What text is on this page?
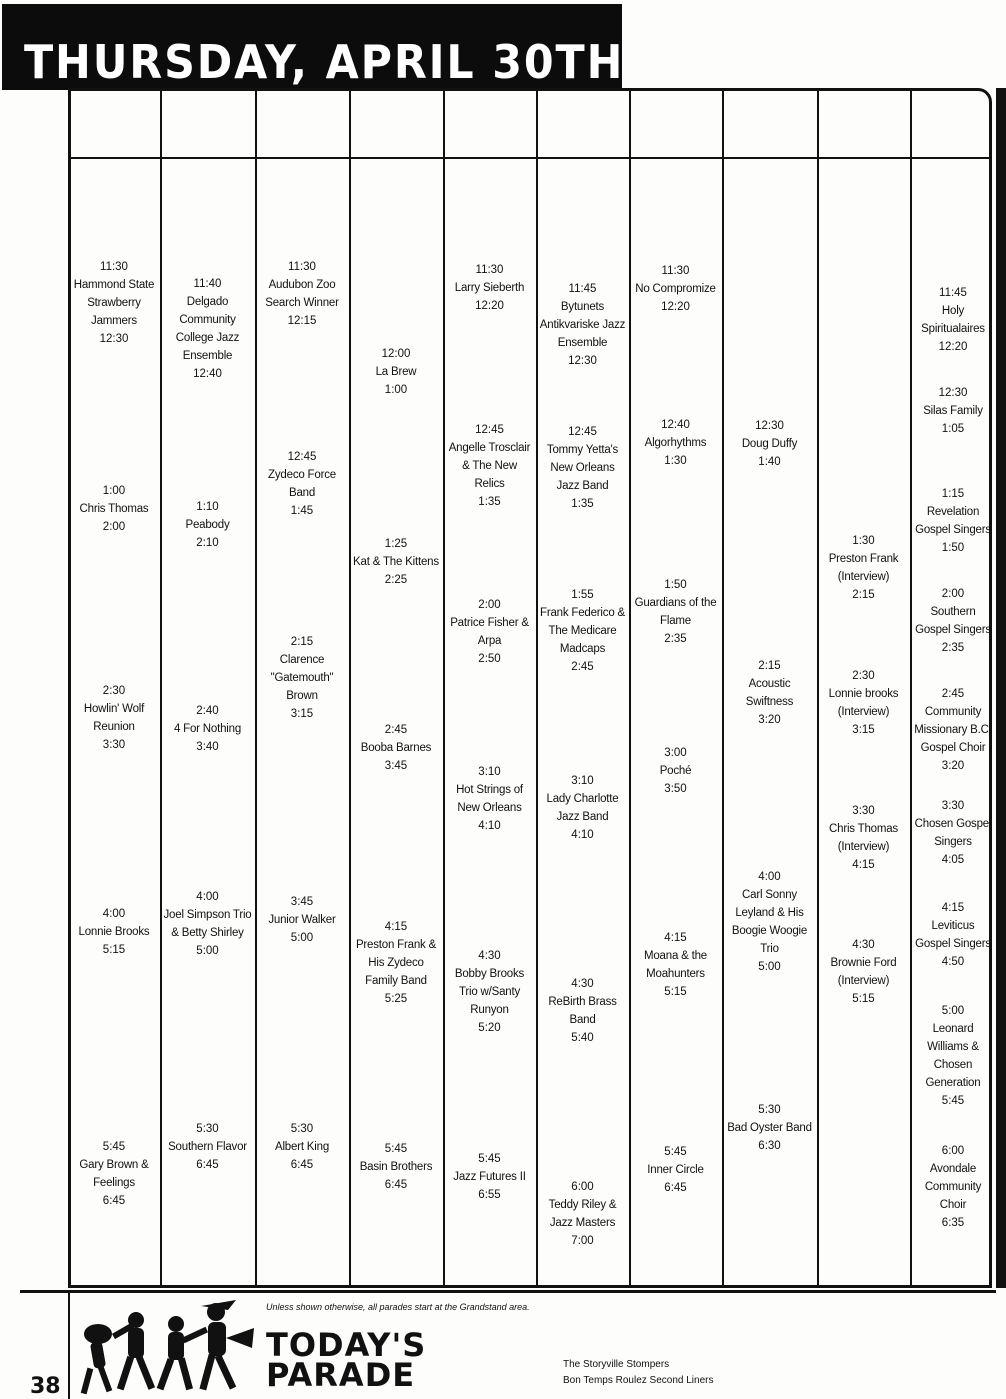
THURSDAY, APRIL 30TH
11:30
Hammond State Strawberry Jammers
12:30
1:00
Chris Thomas
2:00
2:30
Howlin' Wolf Reunion
3:30
4:00
Lonnie Brooks
5:15
5:45
Gary Brown & Feelings
6:45
11:40
Delgado Community College Jazz Ensemble
12:40
1:10
Peabody
2:10
2:40
4 For Nothing
3:40
4:00
Joel Simpson Trio & Betty Shirley
5:00
5:30
Southern Flavor
6:45
11:30
Audubon Zoo Search Winner
12:15
12:45
Zydeco Force Band
1:45
2:15
Clarence "Gatemouth" Brown
3:15
3:45
Junior Walker
5:00
5:30
Albert King
6:45
12:00
La Brew
1:00
1:25
Kat & The Kittens
2:25
2:45
Booba Barnes
3:45
4:15
Preston Frank & His Zydeco Family Band
5:25
5:45
Basin Brothers
6:45
11:30
Larry Sieberth
12:20
12:45
Angelle Trosclair & The New Relics
1:35
2:00
Patrice Fisher & Arpa
2:50
3:10
Hot Strings of New Orleans
4:10
4:30
Bobby Brooks Trio w/Santy Runyon
5:20
5:45
Jazz Futures II
6:55
11:45
Bytunets Antikvariske Jazz Ensemble
12:30
12:45
Tommy Yetta's New Orleans Jazz Band
1:35
1:55
Frank Federico & The Medicare Madcaps
2:45
3:10
Lady Charlotte Jazz Band
4:10
4:30
ReBirth Brass Band
5:40
6:00
Teddy Riley & Jazz Masters
7:00
11:30
No Compromize
12:20
12:40
Algorhythms
1:30
1:50
Guardians of the Flame
2:35
3:00
Poché
3:50
4:15
Moana & the Moahunters
5:15
5:45
Inner Circle
6:45
12:30
Doug Duffy
1:40
2:15
Acoustic Swiftness
3:20
4:00
Carl Sonny Leyland & His Boogie Woogie Trio
5:00
5:30
Bad Oyster Band
6:30
1:30
Preston Frank (Interview)
2:15
2:30
Lonnie brooks (Interview)
3:15
3:30
Chris Thomas (Interview)
4:15
4:30
Brownie Ford (Interview)
5:15
11:45
Holy Spiritualaires
12:20
12:30
Silas Family
1:05
1:15
Revelation Gospel Singers
1:50
2:00
Southern Gospel Singers
2:35
2:45
Community Missionary B.C. Gospel Choir
3:20
3:30
Chosen Gospel Singers
4:05
4:15
Leviticus Gospel Singers
4:50
5:00
Leonard Williams & Chosen Generation
5:45
6:00
Avondale Community Choir
6:35
Unless shown otherwise, all parades start at the Grandstand area.
TODAY'S
PARADE	The Storyville Stompers
Bon Temps Roulez Second Liners
38
